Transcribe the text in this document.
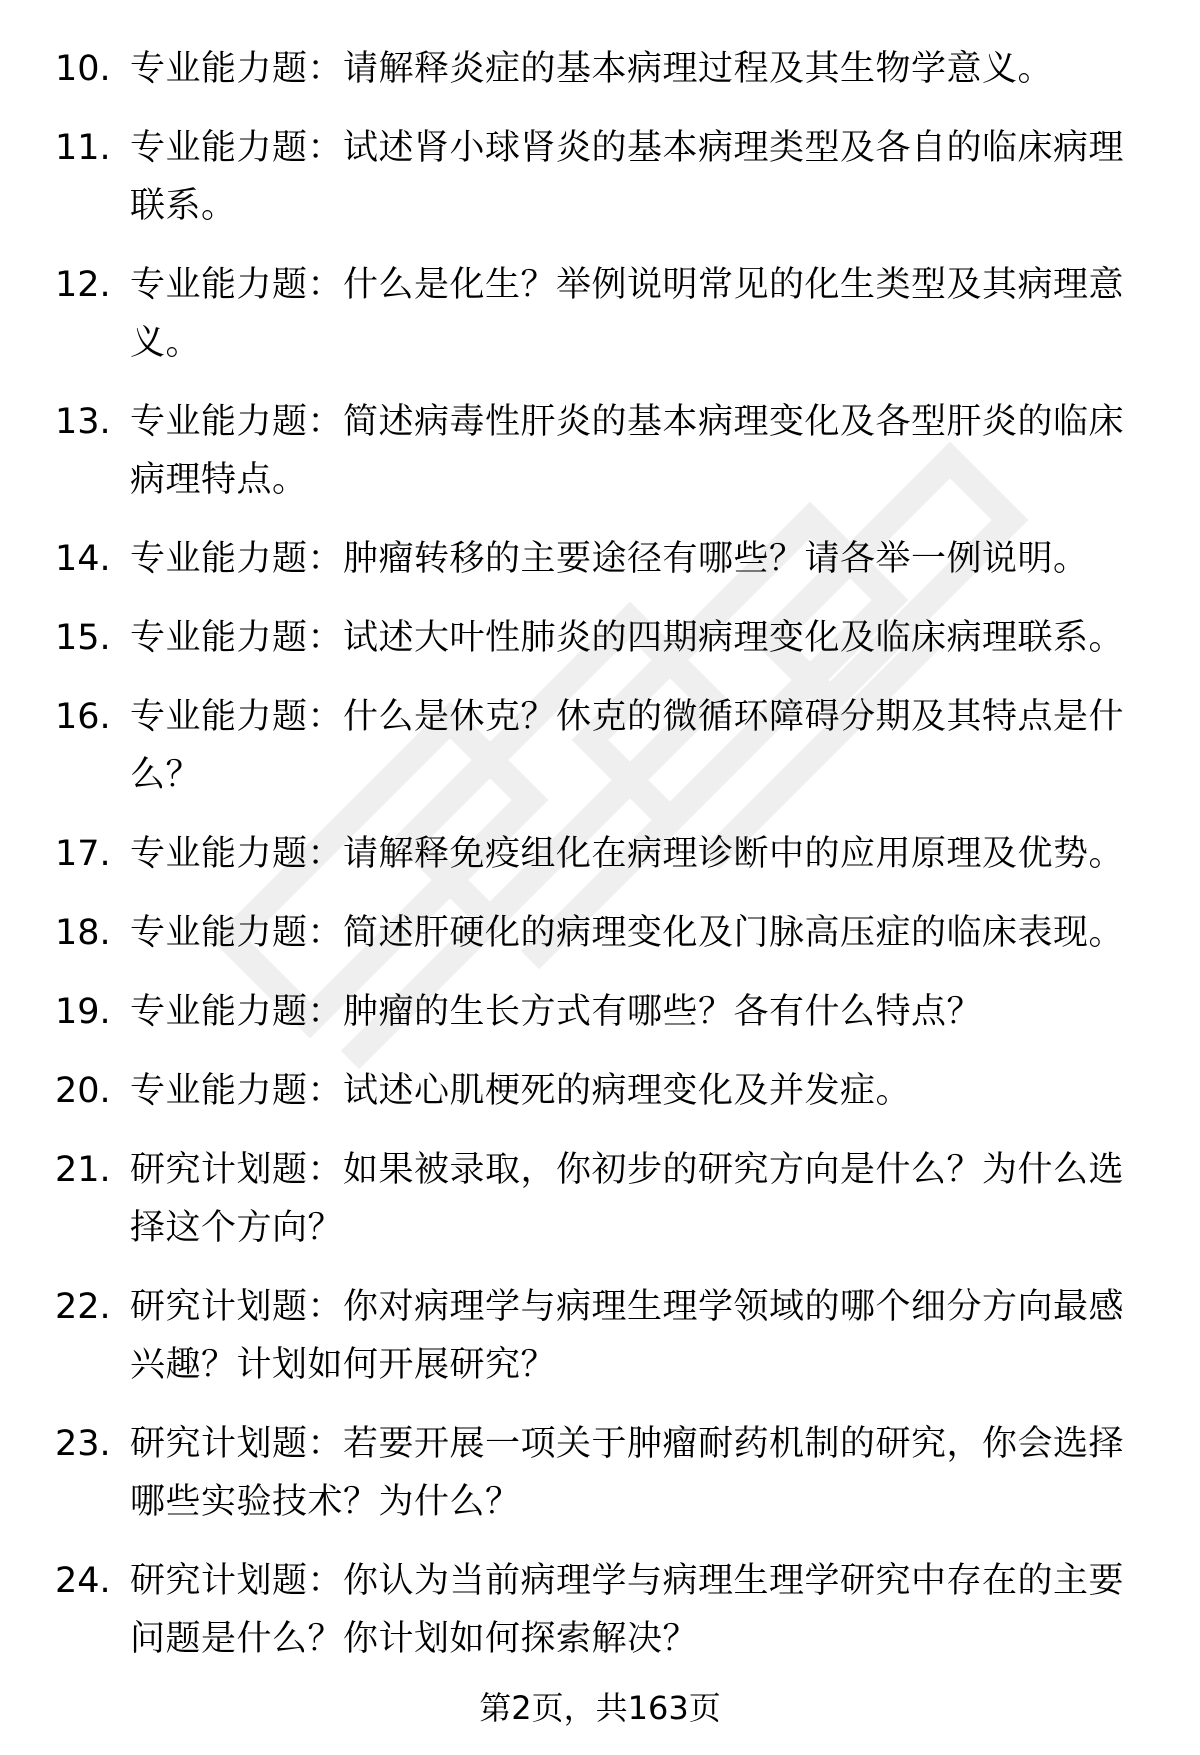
10. 专业能力题：请解释炎症的基本病理过程及其生物学意义。
11. 专业能力题：试述肾小球肾炎的基本病理类型及各自的临床病理联系。
12. 专业能力题：什么是化生？举例说明常见的化生类型及其病理意义。
13. 专业能力题：简述病毒性肝炎的基本病理变化及各型肝炎的临床病理特点。
14. 专业能力题：肿瘤转移的主要途径有哪些？请各举一例说明。
15. 专业能力题：试述大叶性肺炎的四期病理变化及临床病理联系。
16. 专业能力题：什么是休克？休克的微循环障碍分期及其特点是什么？
17. 专业能力题：请解释免疫组化在病理诊断中的应用原理及优势。
18. 专业能力题：简述肝硬化的病理变化及门脉高压症的临床表现。
19. 专业能力题：肿瘤的生长方式有哪些？各有什么特点？
20. 专业能力题：试述心肌梗死的病理变化及并发症。
21. 研究计划题：如果被录取，你初步的研究方向是什么？为什么选择这个方向？
22. 研究计划题：你对病理学与病理生理学领域的哪个细分方向最感兴趣？计划如何开展研究？
23. 研究计划题：若要开展一项关于肿瘤耐药机制的研究，你会选择哪些实验技术？为什么？
24. 研究计划题：你认为当前病理学与病理生理学研究中存在的主要问题是什么？你计划如何探索解决？
第2页，共163页
